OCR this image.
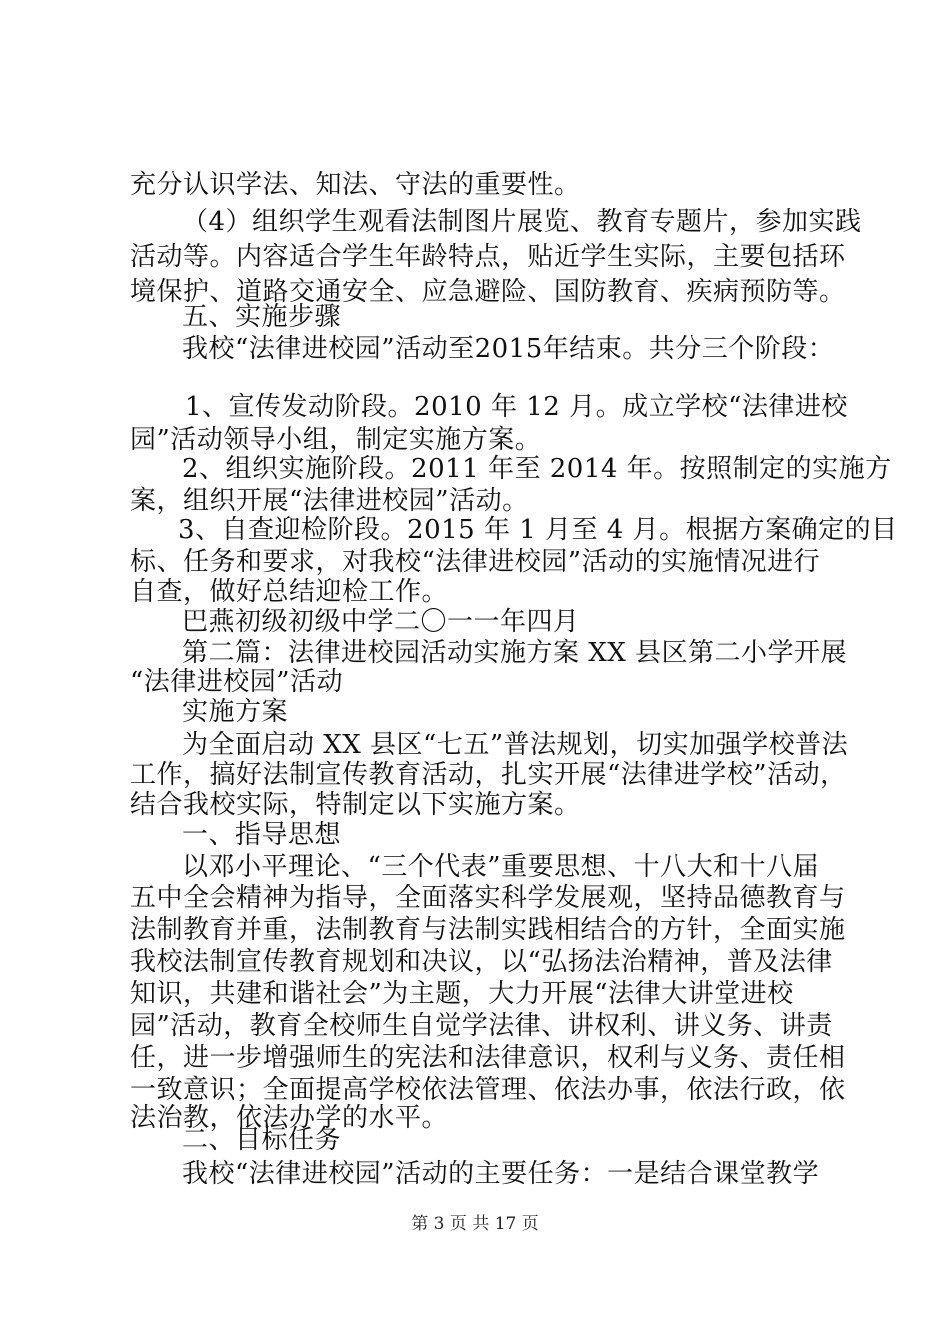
充分认识学法、知法、守法的重要性。
（4）组织学生观看法制图片展览、教育专题片，参加实践
活动等。内容适合学生年龄特点，贴近学生实际，主要包括环
境保护、道路交通安全、应急避险、国防教育、疾病预防等。
五、实施步骤
我校“法律进校园”活动至2015年结束。共分三个阶段：
1、宣传发动阶段。2010 年 12 月。成立学校“法律进校
园”活动领导小组，制定实施方案。
2、组织实施阶段。2011 年至 2014 年。按照制定的实施方
案，组织开展“法律进校园”活动。
3、自查迎检阶段。2015 年 1 月至 4 月。根据方案确定的目
标、任务和要求，对我校“法律进校园”活动的实施情况进行
自查，做好总结迎检工作。
巴燕初级初级中学二〇一一年四月
第二篇：法律进校园活动实施方案 XX 县区第二小学开展
“法律进校园”活动
实施方案
为全面启动 XX 县区“七五”普法规划，切实加强学校普法
工作，搞好法制宣传教育活动，扎实开展“法律进学校”活动，
结合我校实际，特制定以下实施方案。
一、指导思想
以邓小平理论、“三个代表”重要思想、十八大和十八届
五中全会精神为指导，全面落实科学发展观，坚持品德教育与
法制教育并重，法制教育与法制实践相结合的方针，全面实施
我校法制宣传教育规划和决议，以“弘扬法治精神，普及法律
知识，共建和谐社会”为主题，大力开展“法律大讲堂进校
园”活动，教育全校师生自觉学法律、讲权利、讲义务、讲责
任，进一步增强师生的宪法和法律意识，权利与义务、责任相
一致意识；全面提高学校依法管理、依法办事，依法行政，依
法治教，依法办学的水平。
二、目标任务
我校“法律进校园”活动的主要任务：一是结合课堂教学
第 3 页 共 17 页
